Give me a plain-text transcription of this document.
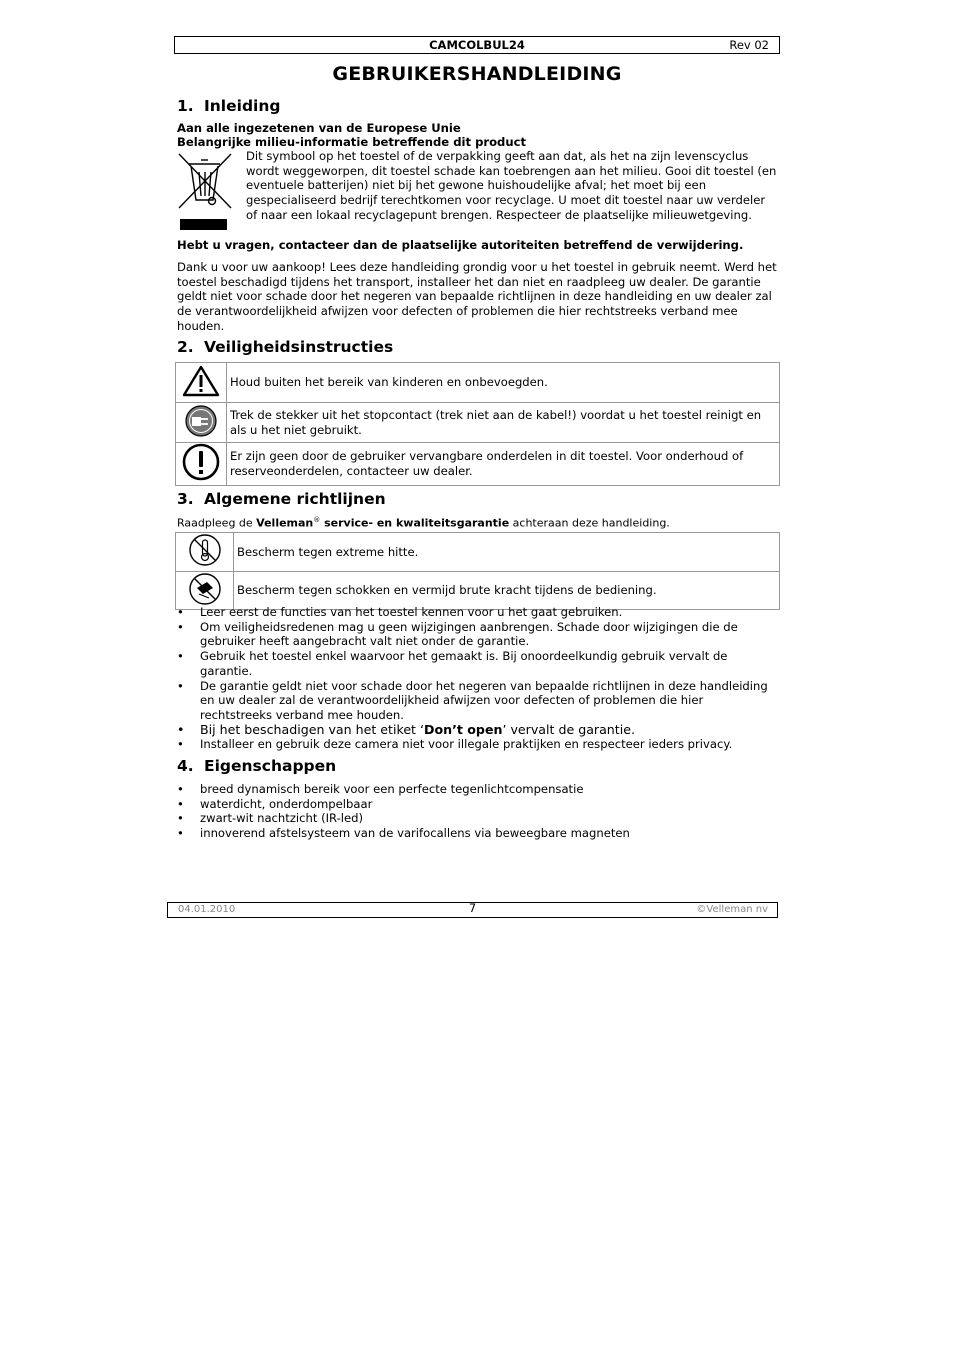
CAMCOLBUL24	Rev 02
GEBRUIKERSHANDLEIDING
1. Inleiding
Aan alle ingezetenen van de Europese Unie
Belangrijke milieu-informatie betreffende dit product
Dit symbool op het toestel of de verpakking geeft aan dat, als het na zijn levenscyclus wordt weggeworpen, dit toestel schade kan toebrengen aan het milieu. Gooi dit toestel (en eventuele batterijen) niet bij het gewone huishoudelijke afval; het moet bij een gespecialiseerd bedrijf terechtkomen voor recyclage. U moet dit toestel naar uw verdeler of naar een lokaal recyclagepunt brengen. Respecteer de plaatselijke milieuwetgeving.
Hebt u vragen, contacteer dan de plaatselijke autoriteiten betreffend de verwijdering.
Dank u voor uw aankoop! Lees deze handleiding grondig voor u het toestel in gebruik neemt. Werd het toestel beschadigd tijdens het transport, installeer het dan niet en raadpleeg uw dealer. De garantie geldt niet voor schade door het negeren van bepaalde richtlijnen in deze handleiding en uw dealer zal de verantwoordelijkheid afwijzen voor defecten of problemen die hier rechtstreeks verband mee houden.
2. Veiligheidsinstructies
	Houd buiten het bereik van kinderen en onbevoegden.
	Trek de stekker uit het stopcontact (trek niet aan de kabel!) voordat u het toestel reinigt en als u het niet gebruikt.
	Er zijn geen door de gebruiker vervangbare onderdelen in dit toestel. Voor onderhoud of reserveonderdelen, contacteer uw dealer.
3. Algemene richtlijnen
Raadpleeg de Velleman® service- en kwaliteitsgarantie achteraan deze handleiding.
	Bescherm tegen extreme hitte.
	Bescherm tegen schokken en vermijd brute kracht tijdens de bediening.
• Leer eerst de functies van het toestel kennen voor u het gaat gebruiken.
• Om veiligheidsredenen mag u geen wijzigingen aanbrengen. Schade door wijzigingen die de gebruiker heeft aangebracht valt niet onder de garantie.
• Gebruik het toestel enkel waarvoor het gemaakt is. Bij onoordeelkundig gebruik vervalt de garantie.
• De garantie geldt niet voor schade door het negeren van bepaalde richtlijnen in deze handleiding en uw dealer zal de verantwoordelijkheid afwijzen voor defecten of problemen die hier rechtstreeks verband mee houden.
• Bij het beschadigen van het etiket ‘Don’t open’ vervalt de garantie.
• Installeer en gebruik deze camera niet voor illegale praktijken en respecteer ieders privacy.
4. Eigenschappen
• breed dynamisch bereik voor een perfecte tegenlichtcompensatie
• waterdicht, onderdompelbaar
• zwart-wit nachtzicht (IR-led)
• innoverend afstelsysteem van de varifocallens via beweegbare magneten
04.01.2010	7	©Velleman nv
